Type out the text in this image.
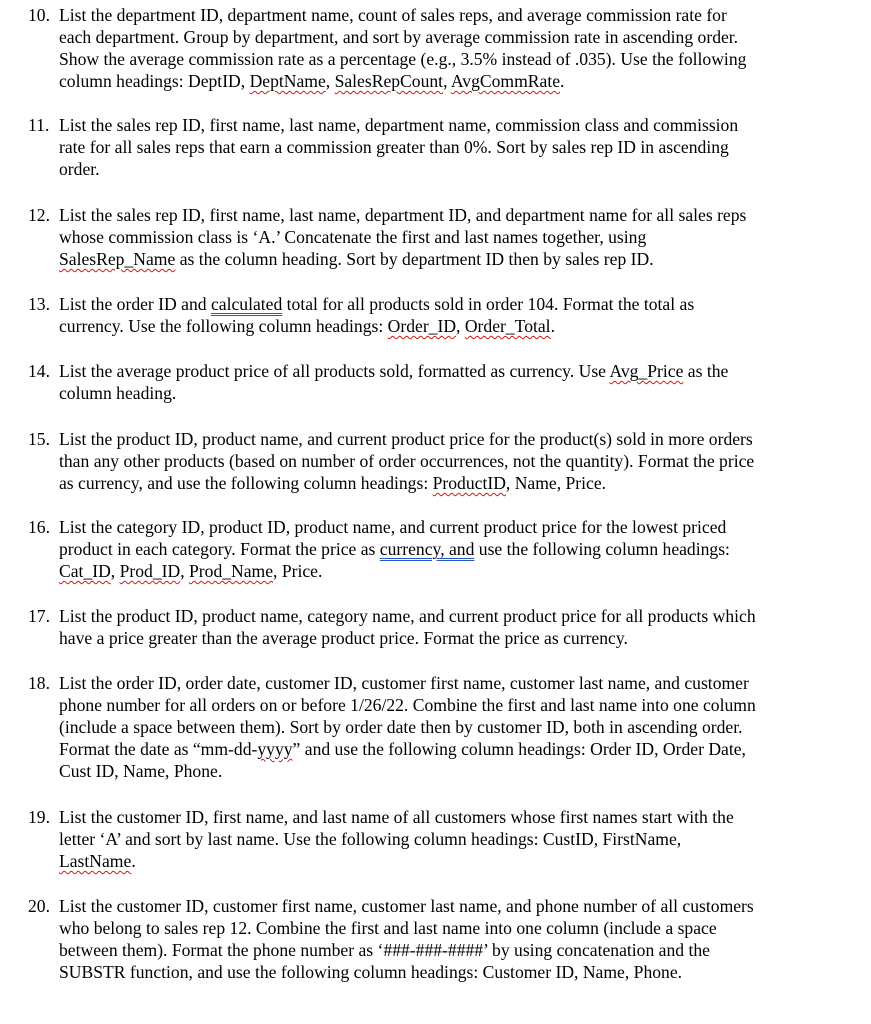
10. List the department ID, department name, count of sales reps, and average commission rate for
each department. Group by department, and sort by average commission rate in ascending order.
Show the average commission rate as a percentage (e.g., 3.5% instead of .035). Use the following
column headings: DeptID, DeptName, SalesRepCount, AvgCommRate.
11. List the sales rep ID, first name, last name, department name, commission class and commission
rate for all sales reps that earn a commission greater than 0%. Sort by sales rep ID in ascending
order.
12. List the sales rep ID, first name, last name, department ID, and department name for all sales reps
whose commission class is ‘A.’ Concatenate the first and last names together, using
SalesRep_Name as the column heading. Sort by department ID then by sales rep ID.
13. List the order ID and calculated total for all products sold in order 104. Format the total as
currency. Use the following column headings: Order_ID, Order_Total.
14. List the average product price of all products sold, formatted as currency. Use Avg_Price as the
column heading.
15. List the product ID, product name, and current product price for the product(s) sold in more orders
than any other products (based on number of order occurrences, not the quantity). Format the price
as currency, and use the following column headings: ProductID, Name, Price.
16. List the category ID, product ID, product name, and current product price for the lowest priced
product in each category. Format the price as currency, and use the following column headings:
Cat_ID, Prod_ID, Prod_Name, Price.
17. List the product ID, product name, category name, and current product price for all products which
have a price greater than the average product price. Format the price as currency.
18. List the order ID, order date, customer ID, customer first name, customer last name, and customer
phone number for all orders on or before 1/26/22. Combine the first and last name into one column
(include a space between them). Sort by order date then by customer ID, both in ascending order.
Format the date as “mm-dd-yyyy” and use the following column headings: Order ID, Order Date,
Cust ID, Name, Phone.
19. List the customer ID, first name, and last name of all customers whose first names start with the
letter ‘A’ and sort by last name. Use the following column headings: CustID, FirstName,
LastName.
20. List the customer ID, customer first name, customer last name, and phone number of all customers
who belong to sales rep 12. Combine the first and last name into one column (include a space
between them). Format the phone number as ‘###-###-####’ by using concatenation and the
SUBSTR function, and use the following column headings: Customer ID, Name, Phone.
